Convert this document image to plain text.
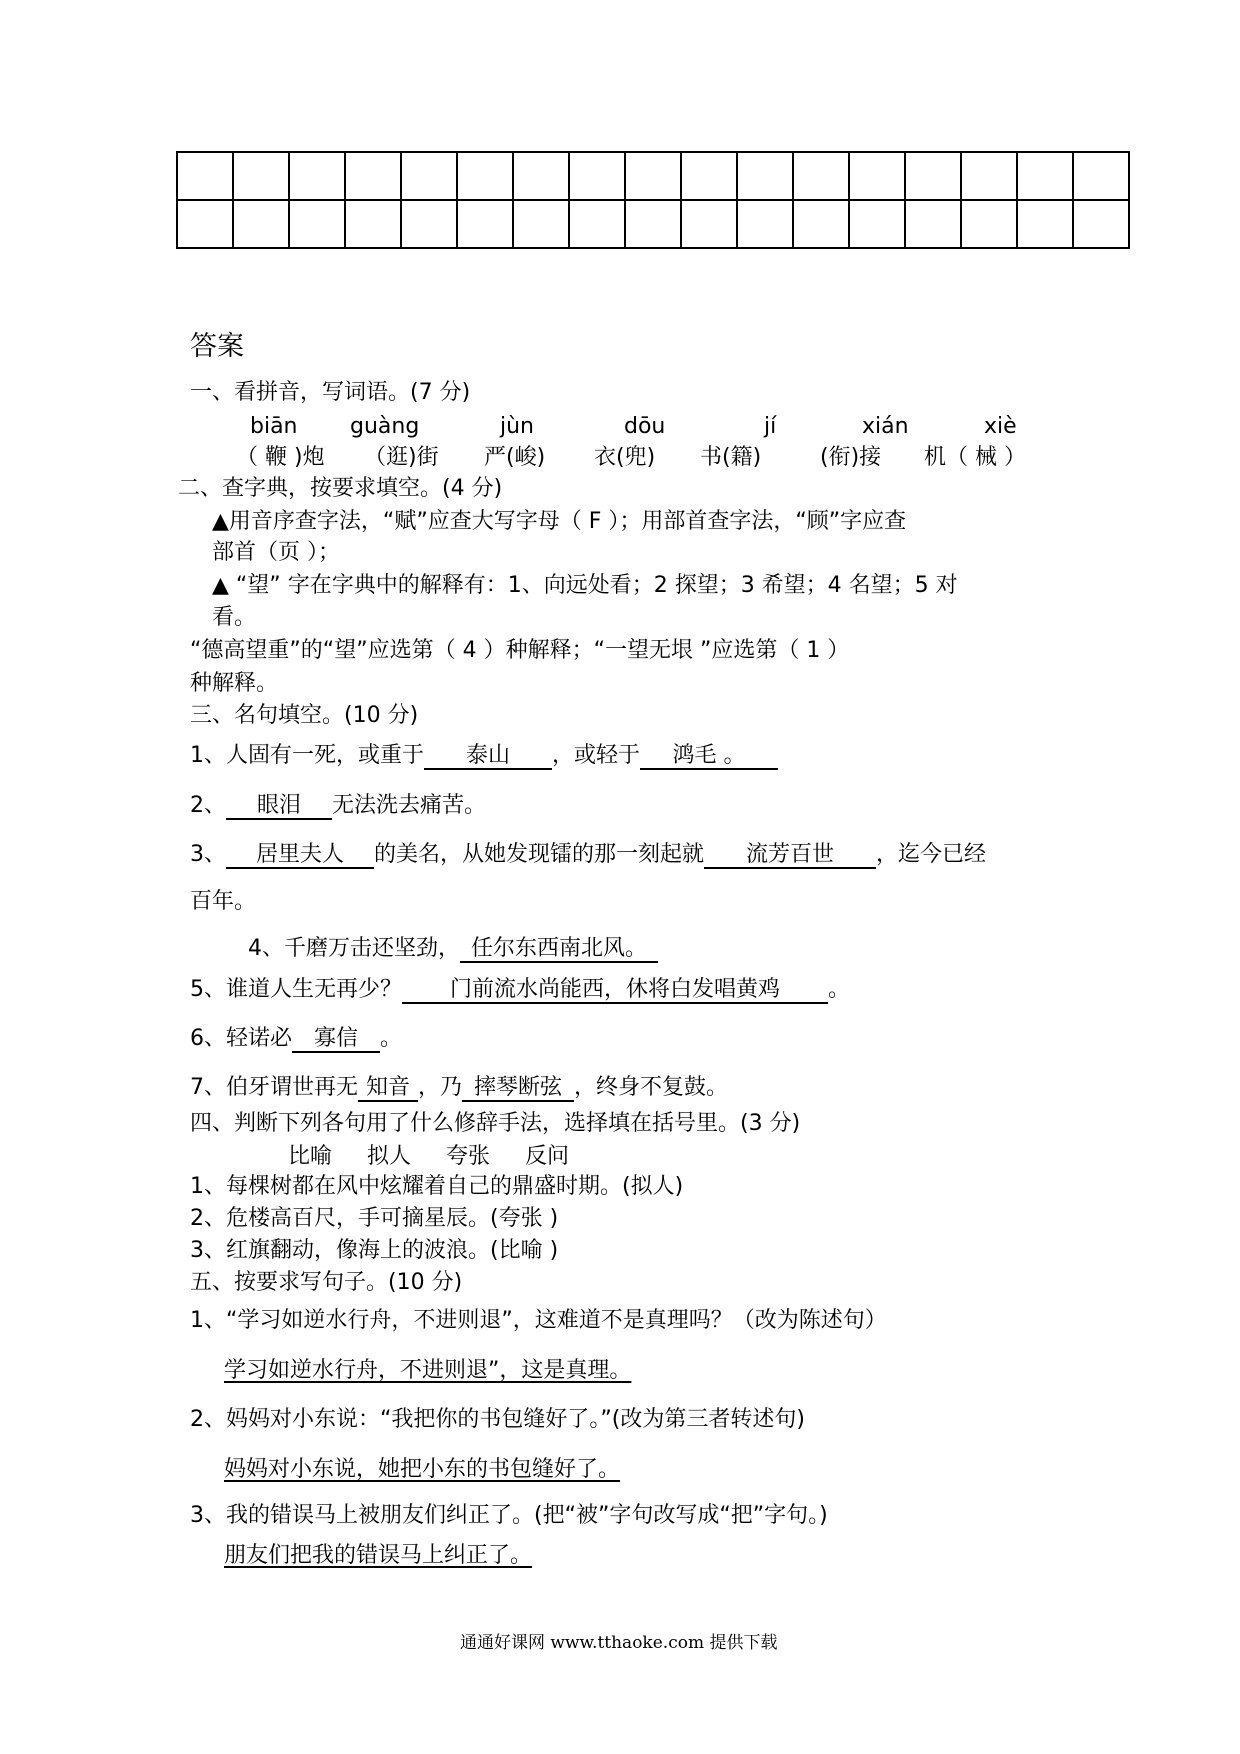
答案
一、看拼音，写词语。(7 分)
biān guàng	jùn	dōu	jí	xián	xiè
（ 鞭 )炮 （逛)街 严(峻) 衣(兜) 书(籍)	(衔)接 机（ 械 ）
二、查字典，按要求填空。(4 分)
▲用音序查字法，“赋”应查大写字母（ F ）；用部首查字法，“顾”字应查
部首（页 ）；
▲ “望” 字在字典中的解释有：1、向远处看；2 探望；3 希望；4 名望；5 对
看。
“德高望重”的“望”应选第（ 4 ）种解释；“一望无垠 ”应选第（ 1 ）
种解释。
三、名句填空。(10 分)
1、人固有一死，或重于 泰山 ，或轻于 鸿毛 。
2、 眼泪 无法洗去痛苦。
3、 居里夫人 的美名，从她发现镭的那一刻起就 流芳百世 ，迄今已经
百年。
4、千磨万击还坚劲， 任尔东西南北风。
5、谁道人生无再少？ 门前流水尚能西，休将白发唱黄鸡 。
6、轻诺必 寡信 。
7、伯牙谓世再无 知音 ，乃 摔琴断弦 ，终身不复鼓。
四、判断下列各句用了什么修辞手法，选择填在括号里。(3 分)
比喻 拟人 夸张 反问
1、每棵树都在风中炫耀着自己的鼎盛时期。(拟人)
2、危楼高百尺，手可摘星辰。(夸张 )
3、红旗翻动，像海上的波浪。(比喻 )
五、按要求写句子。(10 分)
1、“学习如逆水行舟，不进则退”，这难道不是真理吗？（改为陈述句）
学习如逆水行舟，不进则退”，这是真理。
2、妈妈对小东说：“我把你的书包缝好了。”(改为第三者转述句)
妈妈对小东说，她把小东的书包缝好了。
3、我的错误马上被朋友们纠正了。(把“被”字句改写成“把”字句。)
朋友们把我的错误马上纠正了。
通通好课网 www.tthaoke.com 提供下载
